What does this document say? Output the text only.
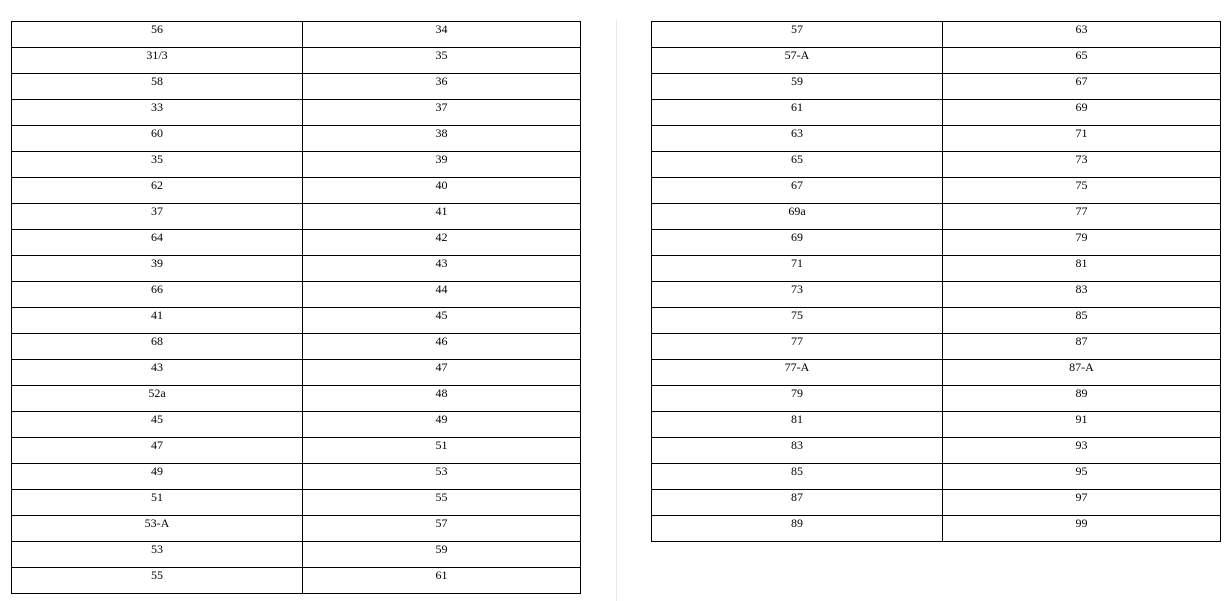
56	34
31/3	35
58	36
33	37
60	38
35	39
62	40
37	41
64	42
39	43
66	44
41	45
68	46
43	47
52a	48
45	49
47	51
49	53
51	55
53-A	57
53	59
55	61
57	63
57-A	65
59	67
61	69
63	71
65	73
67	75
69a	77
69	79
71	81
73	83
75	85
77	87
77-A	87-A
79	89
81	91
83	93
85	95
87	97
89	99
